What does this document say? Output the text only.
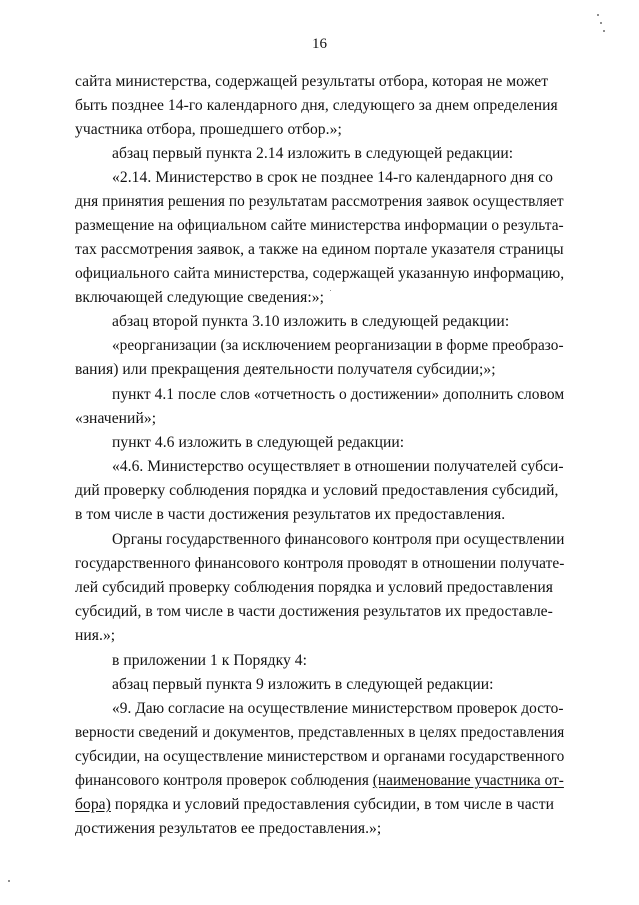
16
сайта министерства, содержащей результаты отбора, которая не может
быть позднее 14-го календарного дня, следующего за днем определения
участника отбора, прошедшего отбор.»;
абзац первый пункта 2.14 изложить в следующей редакции:
«2.14. Министерство в срок не позднее 14-го календарного дня со
дня принятия решения по результатам рассмотрения заявок осуществляет
размещение на официальном сайте министерства информации о результа-
тах рассмотрения заявок, а также на едином портале указателя страницы
официального сайта министерства, содержащей указанную информацию,
включающей следующие сведения:»;
абзац второй пункта 3.10 изложить в следующей редакции:
«реорганизации (за исключением реорганизации в форме преобразо-
вания) или прекращения деятельности получателя субсидии;»;
пункт 4.1 после слов «отчетность о достижении» дополнить словом
«значений»;
пункт 4.6 изложить в следующей редакции:
«4.6. Министерство осуществляет в отношении получателей субси-
дий проверку соблюдения порядка и условий предоставления субсидий,
в том числе в части достижения результатов их предоставления.
Органы государственного финансового контроля при осуществлении
государственного финансового контроля проводят в отношении получате-
лей субсидий проверку соблюдения порядка и условий предоставления
субсидий, в том числе в части достижения результатов их предоставле-
ния.»;
в приложении 1 к Порядку 4:
абзац первый пункта 9 изложить в следующей редакции:
«9. Даю согласие на осуществление министерством проверок досто-
верности сведений и документов, представленных в целях предоставления
субсидии, на осуществление министерством и органами государственного
финансового контроля проверок соблюдения (наименование участника от-
бора) порядка и условий предоставления субсидии, в том числе в части
достижения результатов ее предоставления.»;
